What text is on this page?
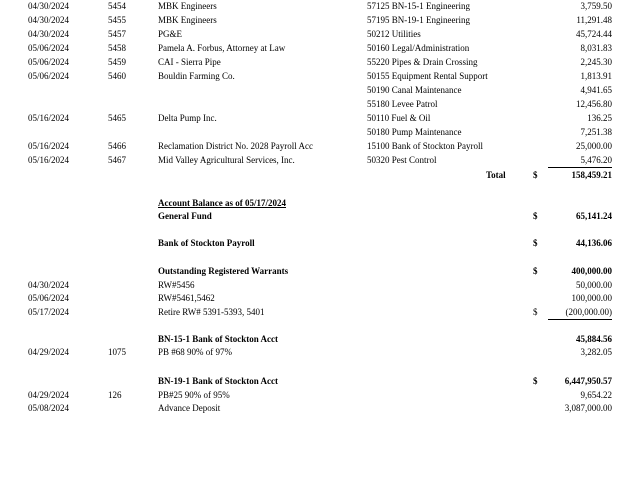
04/30/2024	5454	MBK Engineers	57125 BN-15-1 Engineering	3,759.50
04/30/2024	5455	MBK Engineers	57195 BN-19-1 Engineering	11,291.48
04/30/2024	5457	PG&E	50212 Utilities	45,724.44
05/06/2024	5458	Pamela A. Forbus, Attorney at Law	50160 Legal/Administration	8,031.83
05/06/2024	5459	CAI - Sierra Pipe	55220 Pipes & Drain Crossing	2,245.30
05/06/2024	5460	Bouldin Farming Co.	50155 Equipment Rental Support	1,813.91
50190 Canal Maintenance	4,941.65
55180 Levee Patrol	12,456.80
05/16/2024	5465	Delta Pump Inc.	50110 Fuel & Oil	136.25
50180 Pump Maintenance	7,251.38
05/16/2024	5466	Reclamation District No. 2028 Payroll Acc	15100 Bank of Stockton Payroll	25,000.00
05/16/2024	5467	Mid Valley Agricultural Services, Inc.	50320 Pest Control	5,476.20
Total	$	158,459.21
Account Balance as of 05/17/2024
General Fund	$	65,141.24
Bank of Stockton Payroll	$	44,136.06
Outstanding Registered Warrants	$	400,000.00
04/30/2024	RW#5456	50,000.00
05/06/2024	RW#5461,5462	100,000.00
05/17/2024	Retire RW# 5391-5393, 5401	$	(200,000.00)
BN-15-1 Bank of Stockton Acct	45,884.56
04/29/2024	1075	PB #68 90% of 97%	3,282.05
BN-19-1 Bank of Stockton Acct	$	6,447,950.57
04/29/2024	126	PB#25 90% of 95%	9,654.22
05/08/2024	Advance Deposit	3,087,000.00
